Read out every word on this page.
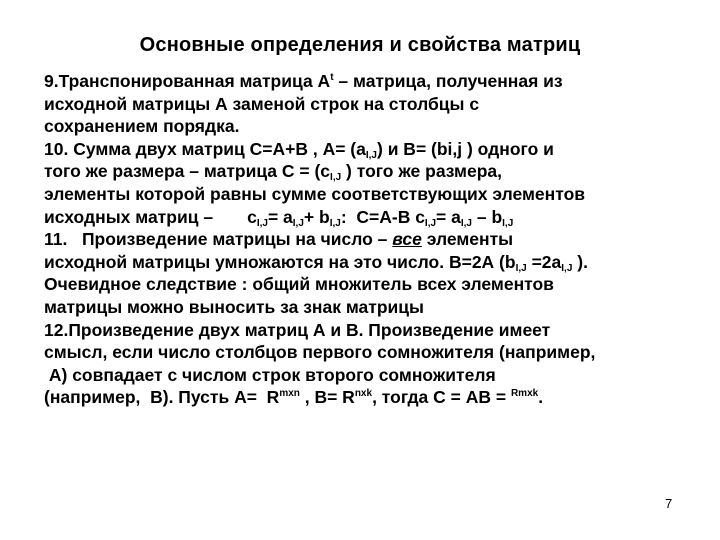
Основные определения и свойства матриц
9.Транспонированная матрица $А^t$ – матрица, полученная из
исходной матрицы А заменой строк на столбцы с
сохранением порядка.
10. Сумма двух матриц С=А+В , $А= (а_{I,J})$ и В= (bi,j ) одного и
того же размера – матрица $С = (с_{I,J}$ ) того же размера,
элементы которой равны сумме соответствующих элементов
исходных матриц –       $с_{I,J}= а_{I,J}+ b_{I,J}$:  С=А-В $с_{I,J}= а_{I,J} - b_{I,J}$
11.   Произведение матрицы на число – все элементы
исходной матрицы умножаются на это число. В=2А ($b_{I,J} =2а_{I,J}$ ).
Очевидное следствие : общий множитель всех элементов
матрицы можно выносить за знак матрицы
12.Произведение двух матриц А и В. Произведение имеет
смысл, если число столбцов первого сомножителя (например,
А) совпадает с числом строк второго сомножителя
(например,  В). Пусть $А= R^{mxn}$ , $В= R^{nxk}$, тогда С = АВ = $^{Rmxk}$.
7
